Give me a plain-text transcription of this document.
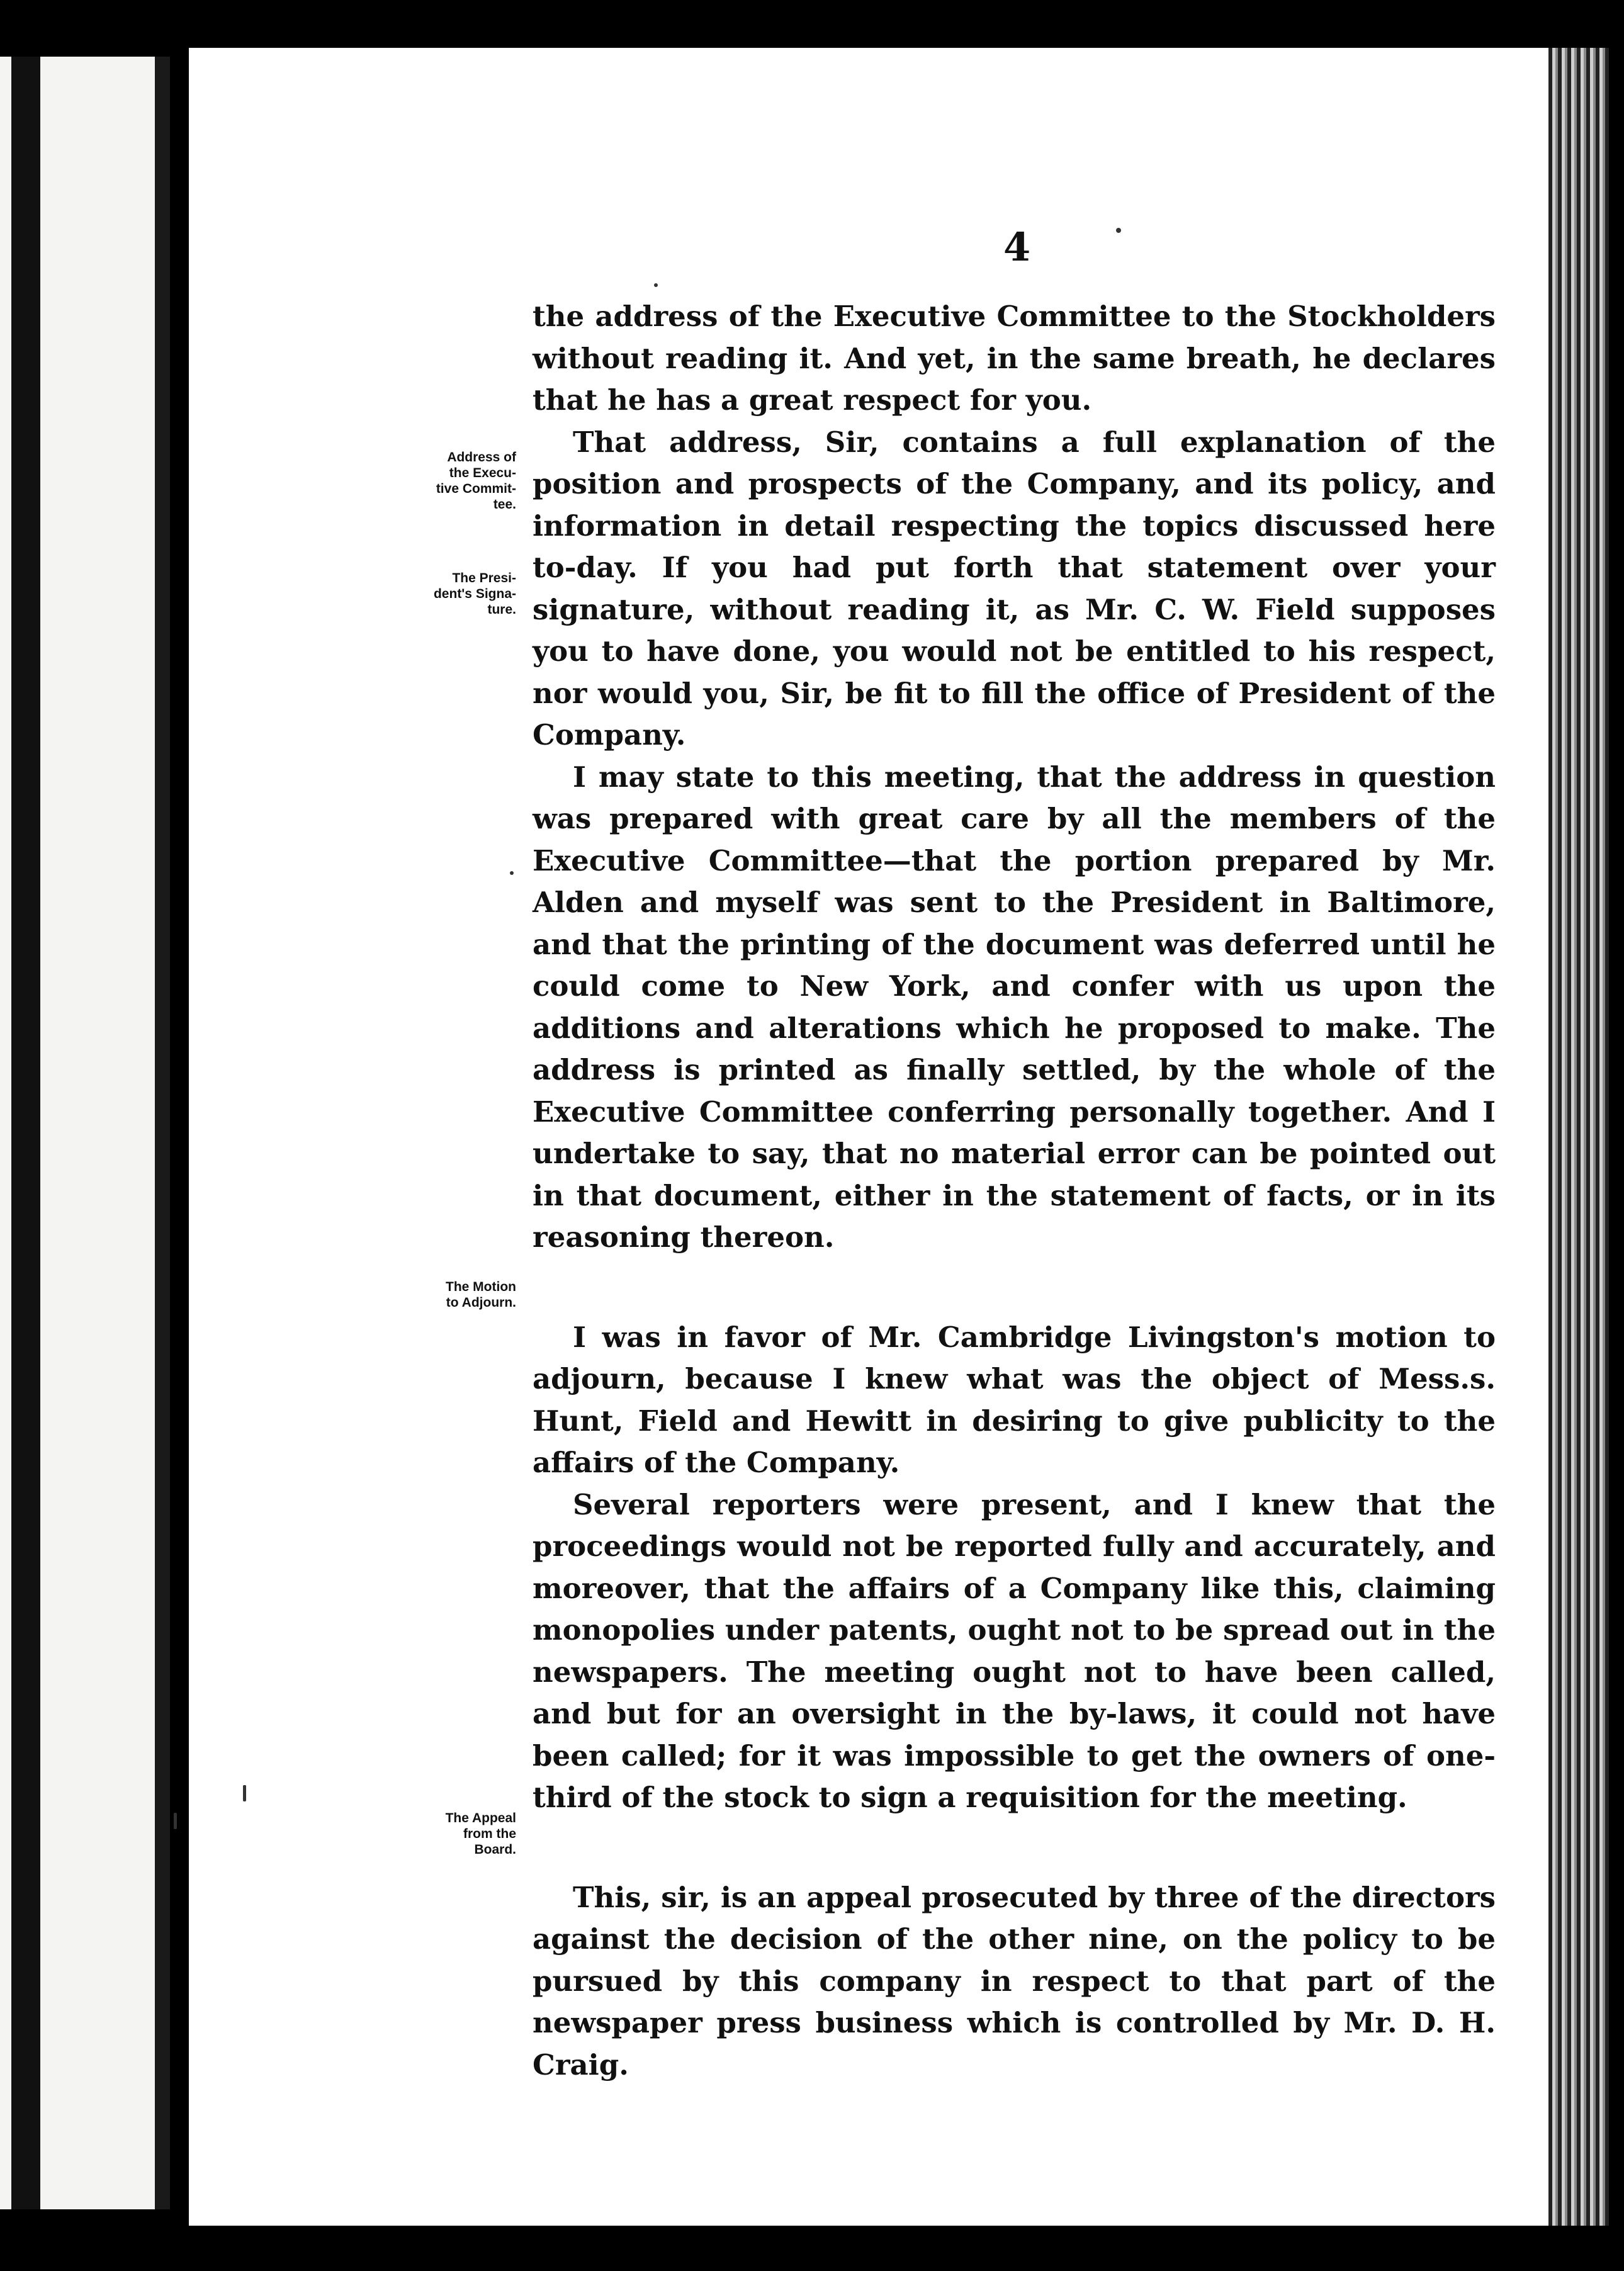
4
Address of
the Execu-
tive Commit-
tee.
The Presi-
dent's Signa-
ture.
The Motion
to Adjourn.
The Appeal
from the
Board.

the address of the Executive Committee to the Stockholders without reading it. And yet, in the same breath, he declares that he has a great respect for you.

That address, Sir, contains a full explanation of the position and prospects of the Company, and its policy, and information in detail respecting the topics discussed here to-day. If you had put forth that statement over your signature, without reading it, as Mr. C. W. Field supposes you to have done, you would not be entitled to his respect, nor would you, Sir, be fit to fill the office of President of the Company.

I may state to this meeting, that the address in question was prepared with great care by all the members of the Executive Committee—that the portion prepared by Mr. Alden and myself was sent to the President in Baltimore, and that the printing of the document was deferred until he could come to New York, and confer with us upon the additions and alterations which he proposed to make. The address is printed as finally settled, by the whole of the Executive Committee conferring personally together. And I undertake to say, that no material error can be pointed out in that document, either in the statement of facts, or in its reasoning thereon.

I was in favor of Mr. Cambridge Livingston's motion to adjourn, because I knew what was the object of Mess.s. Hunt, Field and Hewitt in desiring to give publicity to the affairs of the Company.

Several reporters were present, and I knew that the proceedings would not be reported fully and accurately, and moreover, that the affairs of a Company like this, claiming monopolies under patents, ought not to be spread out in the newspapers. The meeting ought not to have been called, and but for an oversight in the by-laws, it could not have been called; for it was impossible to get the owners of one-third of the stock to sign a requisition for the meeting.

This, sir, is an appeal prosecuted by three of the directors against the decision of the other nine, on the policy to be pursued by this company in respect to that part of the newspaper press business which is controlled by Mr. D. H. Craig.
